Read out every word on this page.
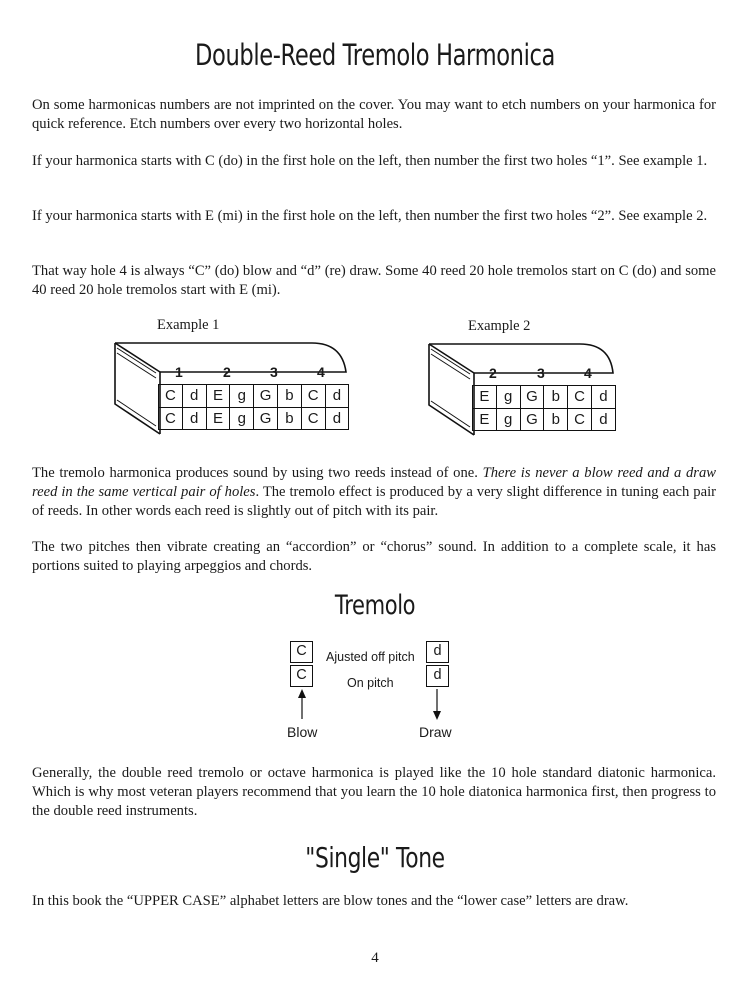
Double-Reed Tremolo Harmonica

On some harmonicas numbers are not imprinted on the cover. You may want to etch numbers on your harmonica for quick reference. Etch numbers over every two horizontal holes.

If your harmonica starts with C (do) in the first hole on the left, then number the first two holes “1”. See example 1.

If your harmonica starts with E (mi) in the first hole on the left, then number the first two holes “2”. See example 2.

That way hole 4 is always “C” (do) blow and “d” (re) draw. Some 40 reed 20 hole tremolos start on C (do) and some 40 reed 20 hole tremolos start with E (mi).

Example 1
1	2	3	4
C	d	E	g	G	b	C	d
C	d	E	g	G	b	C	d
Example 2
2	3	4
E	g	G	b	C	d
E	g	G	b	C	d

The tremolo harmonica produces sound by using two reeds instead of one. There is never a blow reed and a draw reed in the same vertical pair of holes. The tremolo effect is produced by a very slight difference in tuning each pair of reeds. In other words each reed is slightly out of pitch with its pair.

The two pitches then vibrate creating an “accordion” or “chorus” sound. In addition to a complete scale, it has portions suited to playing arpeggios and chords.

Tremolo
C
C
d
d
Ajusted off pitch
On pitch
Blow	Draw

Generally, the double reed tremolo or octave harmonica is played like the 10 hole standard diatonic harmonica. Which is why most veteran players recommend that you learn the 10 hole diatonica harmonica first, then progress to the double reed instruments.

"Single" Tone

In this book the “UPPER CASE” alphabet letters are blow tones and the “lower case” letters are draw.

4
